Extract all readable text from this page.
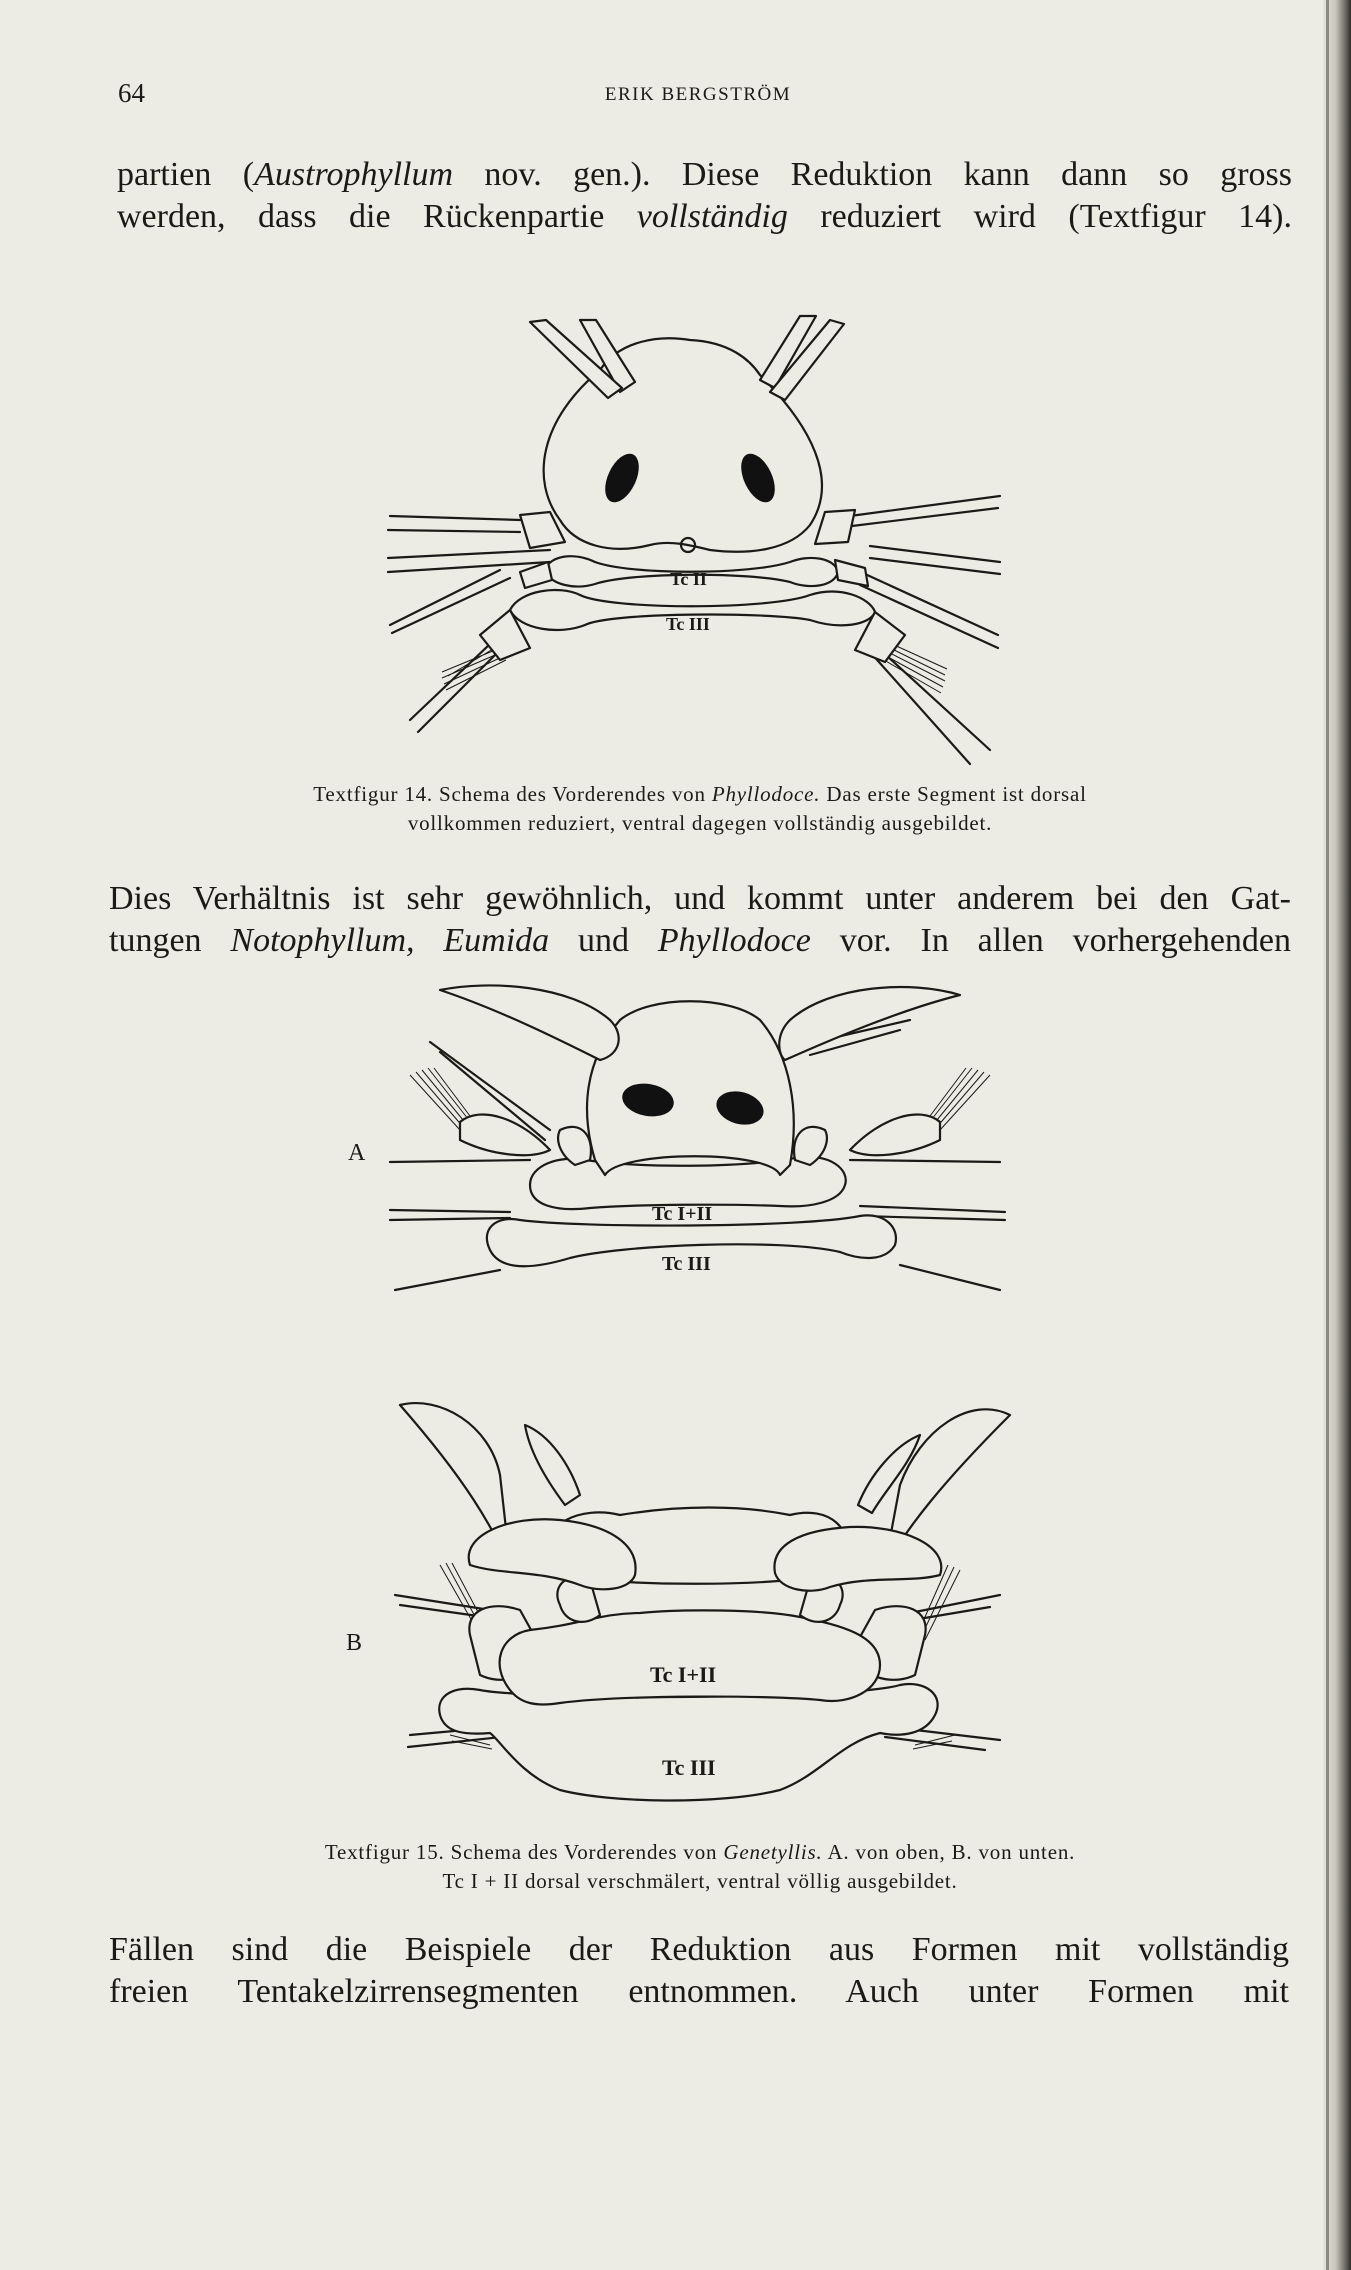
64	ERIK BERGSTRÖM
partien (Austrophyllum nov. gen.). Diese Reduktion kann dann so gross
werden, dass die Rückenpartie vollständig reduziert wird (Textfigur 14).
Tc II
Tc III
Textfigur 14. Schema des Vorderendes von Phyllodoce. Das erste Segment ist dorsal
vollkommen reduziert, ventral dagegen vollständig ausgebildet.
Dies Verhältnis ist sehr gewöhnlich, und kommt unter anderem bei den Gat-
tungen Notophyllum, Eumida und Phyllodoce vor. In allen vorhergehenden
A
Tc I+II
Tc III
B
Tc I+II
Tc III
Textfigur 15. Schema des Vorderendes von Genetyllis. A. von oben, B. von unten.
Tc I + II dorsal verschmälert, ventral völlig ausgebildet.
Fällen sind die Beispiele der Reduktion aus Formen mit vollständig
freien Tentakelzirrensegmenten entnommen. Auch unter Formen mit
